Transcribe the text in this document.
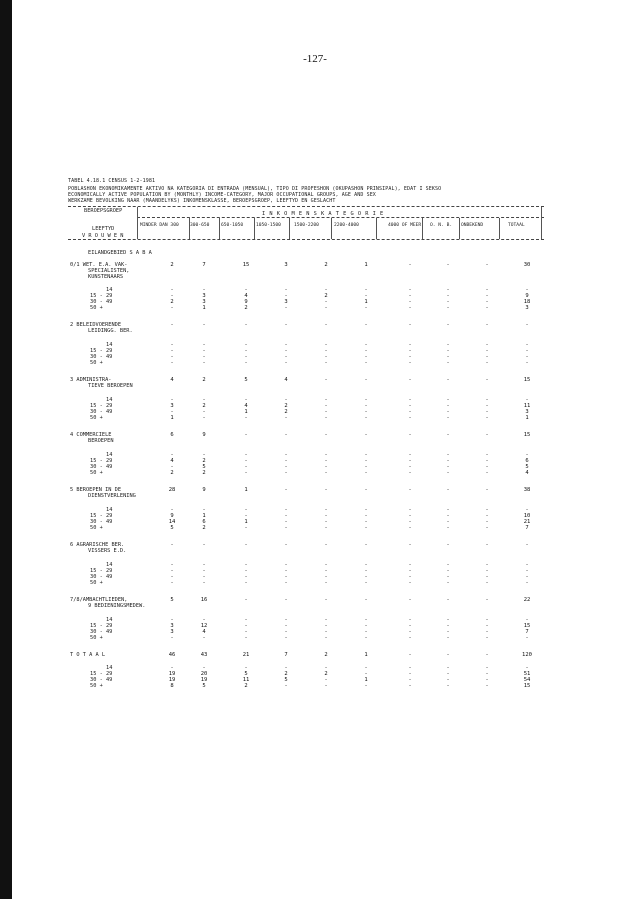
-127-
TABEL 4.18.1 CENSUS 1-2-1981
POBLASHON EKONOMIKAMENTE AKTIVO NA KATEGORIA DI ENTRADA (MENSUAL), TIPO DI PROFESHON (OKUPASHON PRINSIPAL), EDAT I SEKSO
ECONOMICALLY ACTIVE POPULATION BY (MONTHLY) INCOME-CATEGORY, MAJOR OCCUPATIONAL GROUPS, AGE AND SEX
WERKZAME BEVOLKING NAAR (MAANDELYKS) INKOMENSKLASSE, BEROEPSGROEP, LEEFTYD EN GESLACHT
BEROEPSGROEP	I N K O M E N S K A T E G O R I E
LEEFTYD
V R O U W E N
MINDER DAN 300 300-650	650-1050	1050-1500	1500-2200	2200-4000	4000 OF MEER	O. N. B.	ONBEKEND	TOTAAL
EILANDGEBIED S A B A
0/1 WET. E.A. VAK-
SPECIALISTEN,
KUNSTENAARS
2	7	15	3	2	1	-	-	-	30
14	-	-	-	-	-	-	-	-	-	-
15 - 29	-	3	4	-	2	-	-	-	-	9
30 - 49	2	3	9	3	-	1	-	-	-	18
50 +	-	1	2	-	-	-	-	-	-	3
2 BELEIDVOERENDE
LEIDINGG. BER.
-	-	-	-	-	-	-	-	-	-
14	-	-	-	-	-	-	-	-	-	-
15 - 29	-	-	-	-	-	-	-	-	-	-
30 - 49	-	-	-	-	-	-	-	-	-	-
50 +	-	-	-	-	-	-	-	-	-	-
3 ADMINISTRA-
TIEVE BEROEPEN
4	2	5	4	-	-	-	-	-	15
14	-	-	-	-	-	-	-	-	-	-
15 - 29	3	2	4	2	-	-	-	-	-	11
30 - 49	-	-	1	2	-	-	-	-	-	3
50 +	1	-	-	-	-	-	-	-	-	1
4 COMMERCIELE
BEROEPEN
6	9	-	-	-	-	-	-	-	15
14	-	-	-	-	-	-	-	-	-	-
15 - 29	4	2	-	-	-	-	-	-	-	6
30 - 49	-	5	-	-	-	-	-	-	-	5
50 +	2	2	-	-	-	-	-	-	-	4
5 BEROEPEN IN DE
DIENSTVERLENING
28	9	1	-	-	-	-	-	-	38
14	-	-	-	-	-	-	-	-	-	-
15 - 29	9	1	-	-	-	-	-	-	-	10
30 - 49	14	6	1	-	-	-	-	-	-	21
50 +	5	2	-	-	-	-	-	-	-	7
6 AGRARISCHE BER.
VISSERS E.D.
-	-	-	-	-	-	-	-	-	-
14	-	-	-	-	-	-	-	-	-	-
15 - 29	-	-	-	-	-	-	-	-	-	-
30 - 49	-	-	-	-	-	-	-	-	-	-
50 +	-	-	-	-	-	-	-	-	-	-
7/8/AMBACHTLIEDEN,
9 BEDIENINGSMEDEW.
5	16	-	-	-	-	-	-	-	22
14	-	-	-	-	-	-	-	-	-	-
15 - 29	3	12	-	-	-	-	-	-	-	15
30 - 49	3	4	-	-	-	-	-	-	-	7
50 +	-	-	-	-	-	-	-	-	-	-
T O T A A L	46	43	21	7	2	1	-	-	-	120
14	-	-	-	-	-	-	-	-	-	-
15 - 29	19	20	5	2	2	-	-	-	-	51
30 - 49	19	19	11	5	-	1	-	-	-	54
50 +	8	5	2	-	-	-	-	-	-	15
